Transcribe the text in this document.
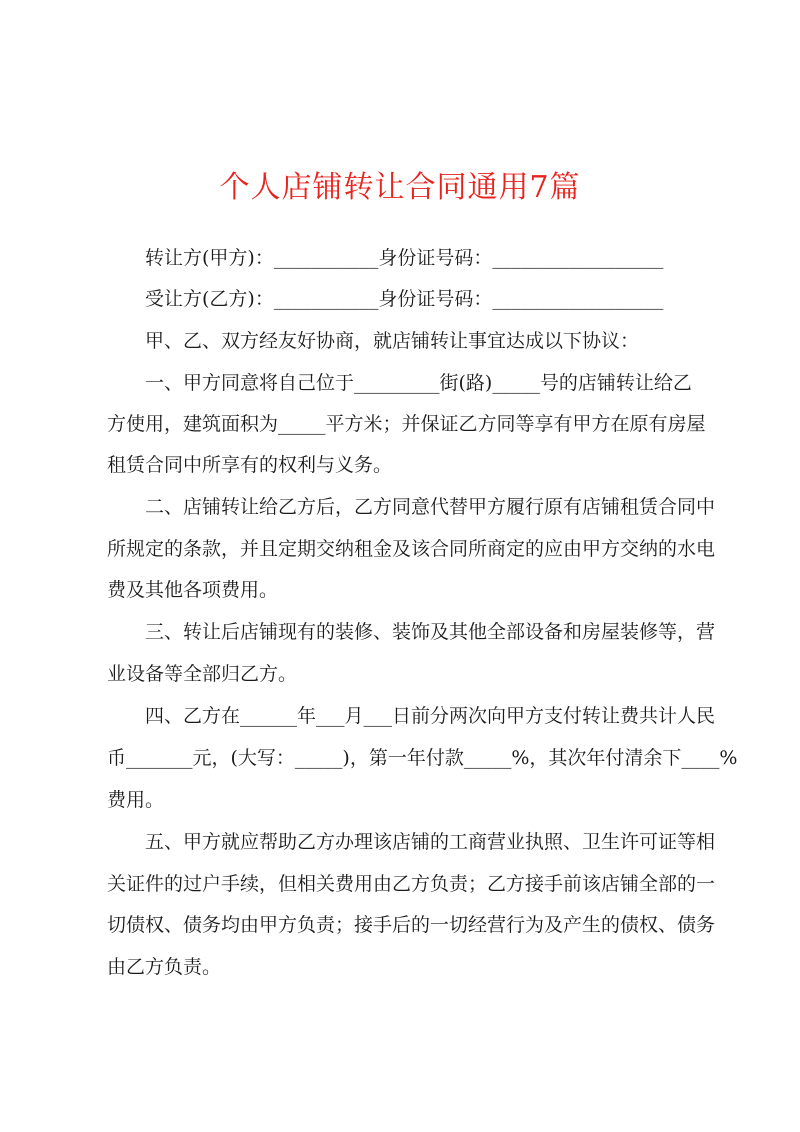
个人店铺转让合同通用7篇
转让方(甲方)：___________身份证号码：__________________
受让方(乙方)：___________身份证号码：__________________
甲、乙、双方经友好协商，就店铺转让事宜达成以下协议：
一、甲方同意将自己位于_________街(路)_____号的店铺转让给乙
方使用，建筑面积为_____平方米；并保证乙方同等享有甲方在原有房屋
租赁合同中所享有的权利与义务。
二、店铺转让给乙方后，乙方同意代替甲方履行原有店铺租赁合同中
所规定的条款，并且定期交纳租金及该合同所商定的应由甲方交纳的水电
费及其他各项费用。
三、转让后店铺现有的装修、装饰及其他全部设备和房屋装修等，营
业设备等全部归乙方。
四、乙方在______年___月___日前分两次向甲方支付转让费共计人民
币_______元，(大写：_____)，第一年付款_____%，其次年付清余下____%
费用。
五、甲方就应帮助乙方办理该店铺的工商营业执照、卫生许可证等相
关证件的过户手续，但相关费用由乙方负责；乙方接手前该店铺全部的一
切债权、债务均由甲方负责；接手后的一切经营行为及产生的债权、债务
由乙方负责。
